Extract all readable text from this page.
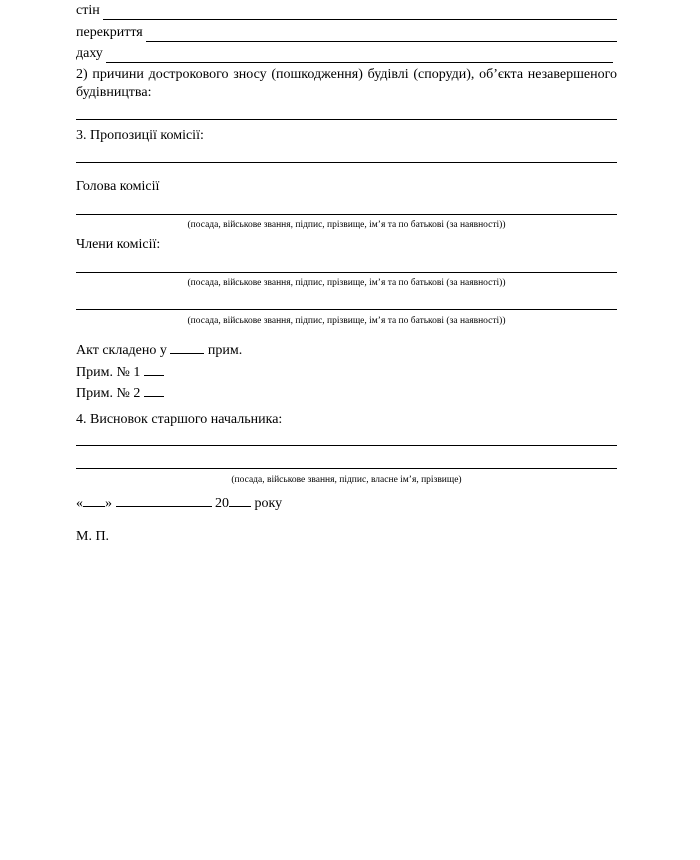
стін
перекриття
даху
2) причини дострокового зносу (пошкодження) будівлі (споруди), об’єкта незавершеного будівництва:
3. Пропозиції комісії:
Голова комісії
(посада, військове звання, підпис, прізвище, ім’я та по батькові (за наявності))
Члени комісії:
(посада, військове звання, підпис, прізвище, ім’я та по батькові (за наявності))
(посада, військове звання, підпис, прізвище, ім’я та по батькові (за наявності))
Акт складено у	прим.
Прим. № 1
Прим. № 2
4. Висновок старшого начальника:
(посада, військове звання, підпис, власне ім’я, прізвище)
« »	20 року
М. П.
